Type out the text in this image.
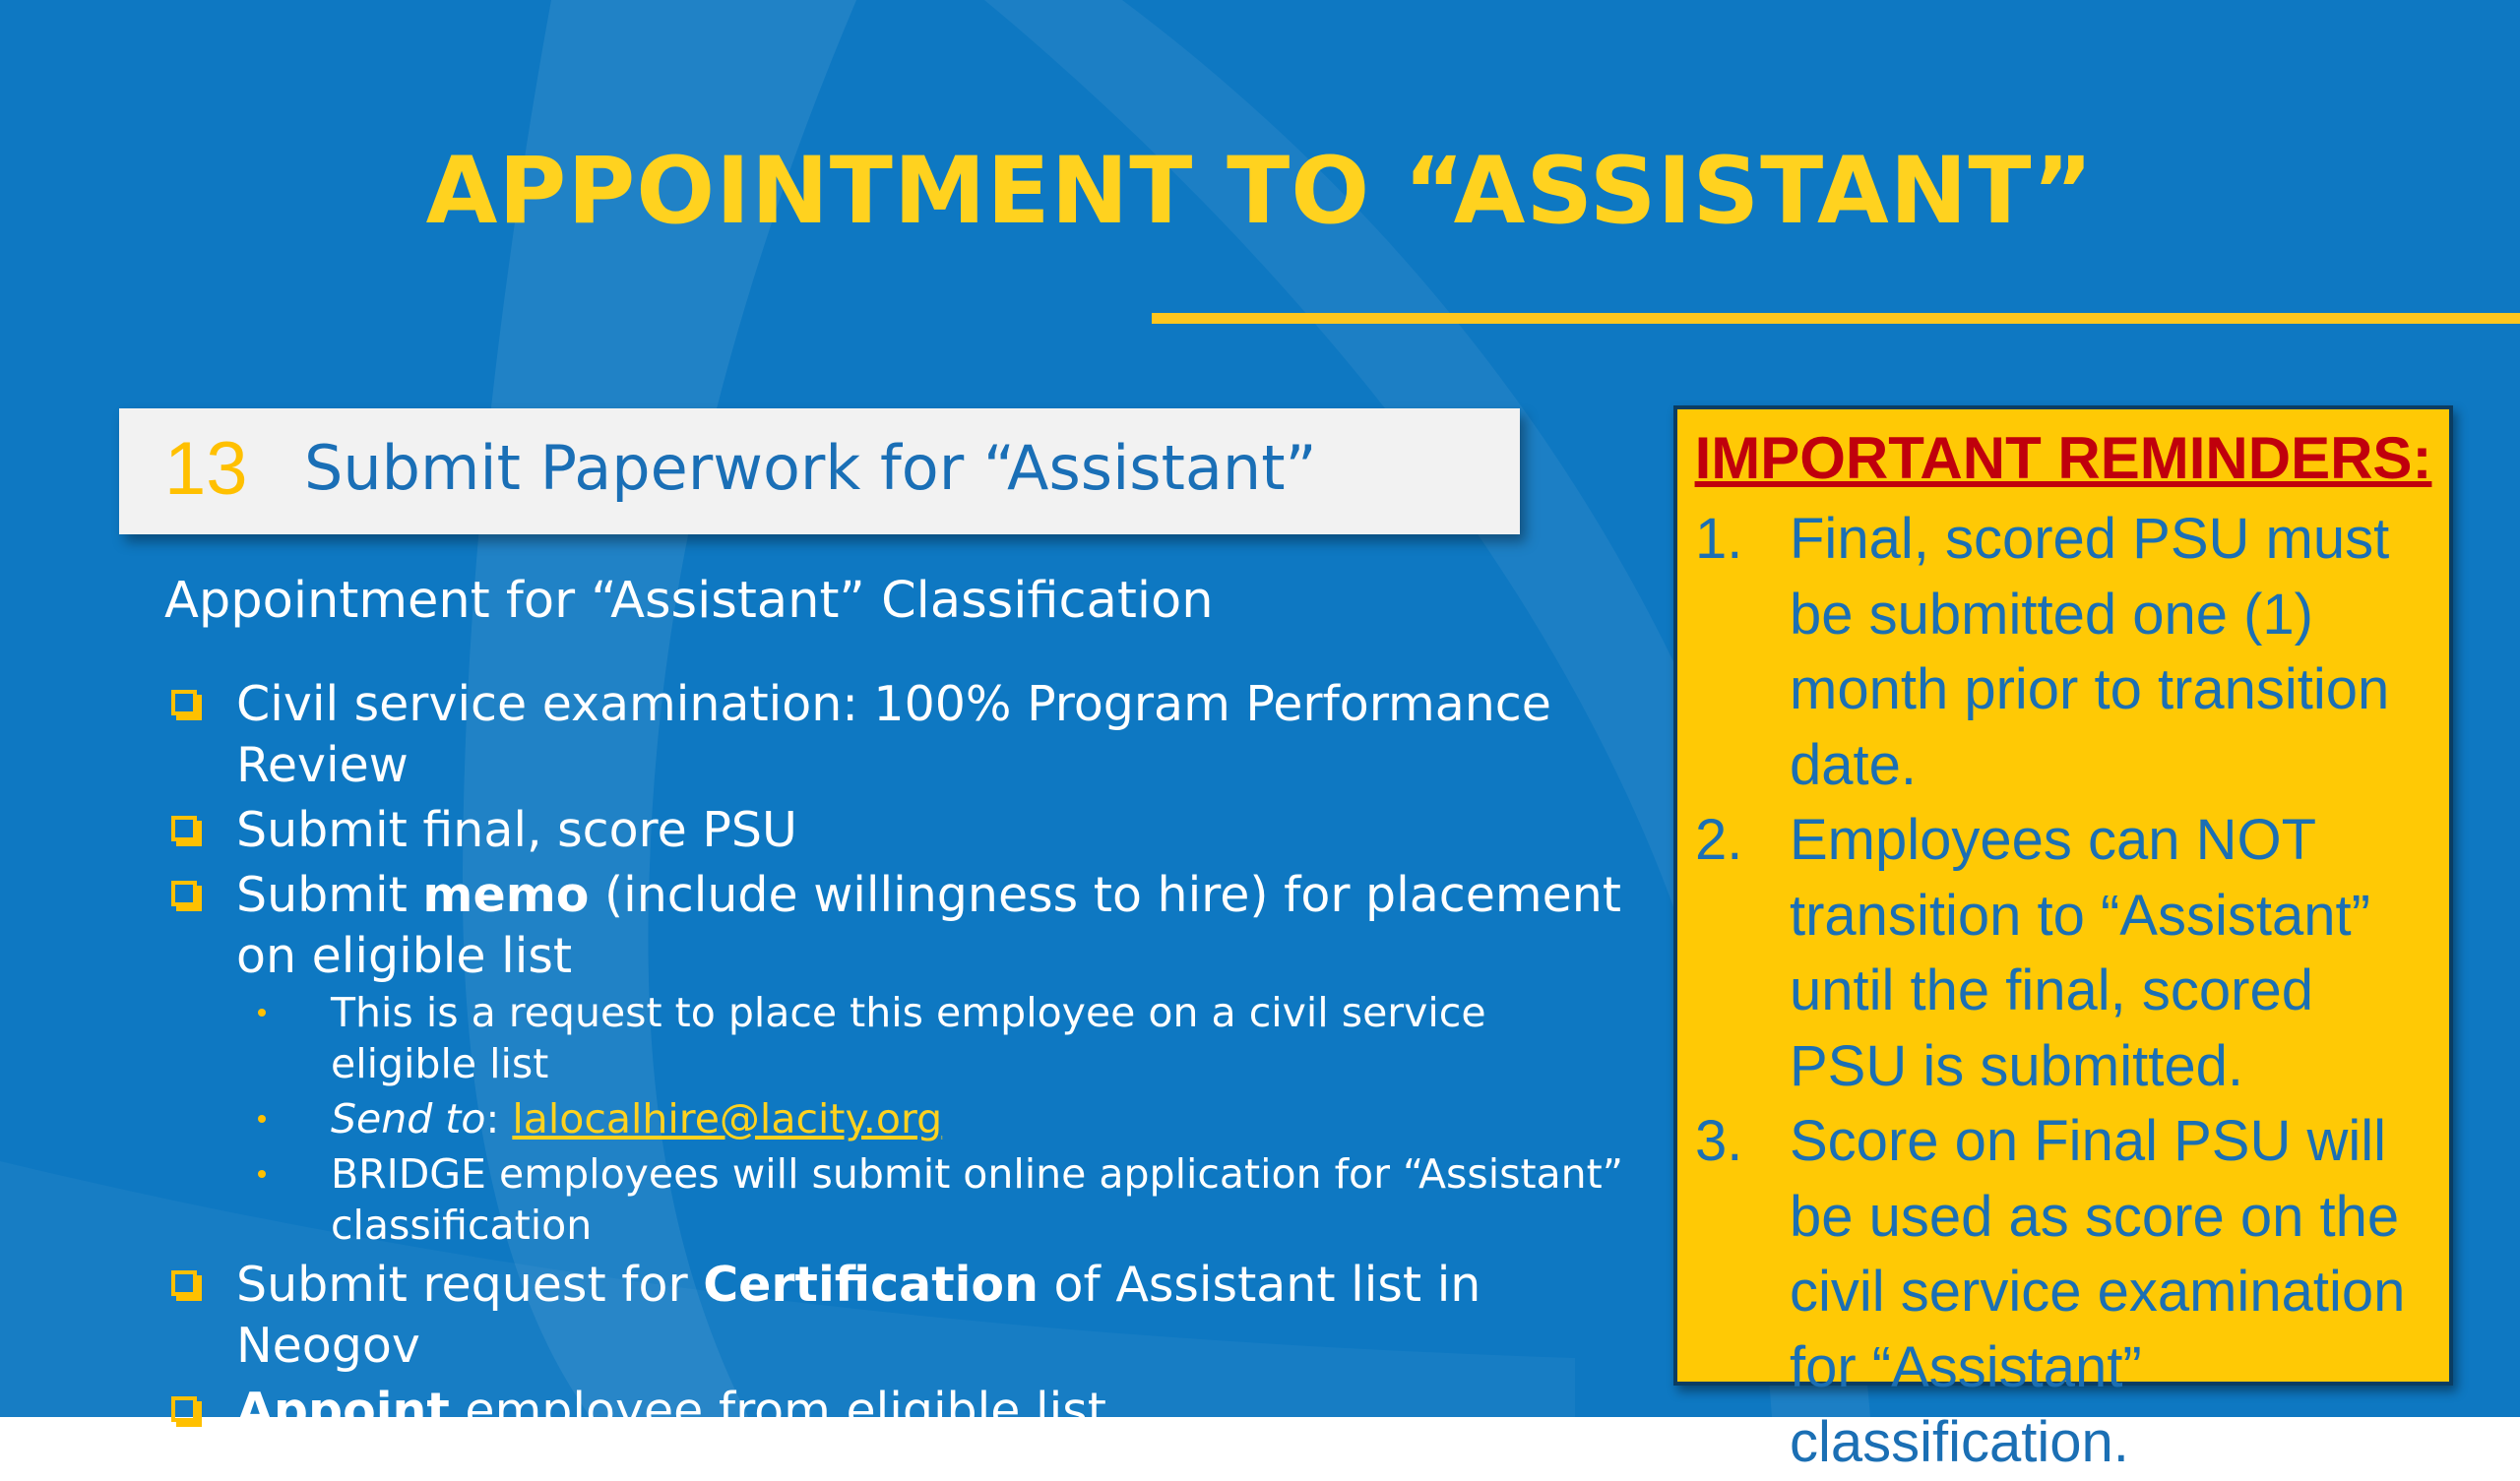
APPOINTMENT TO “ASSISTANT”
13 Submit Paperwork for “Assistant”
Appointment for “Assistant” Classification
Civil service examination: 100% Program Performance Review
Submit final, score PSU
Submit memo (include willingness to hire) for placement on eligible list
This is a request to place this employee on a civil service eligible list
Send to: lalocalhire@lacity.org
BRIDGE employees will submit online application for “Assistant” classification
Submit request for Certification of Assistant list in Neogov
Appoint employee from eligible list
IMPORTANT REMINDERS:
1. Final, scored PSU must be submitted one (1) month prior to transition date.
2. Employees can NOT transition to “Assistant” until the final, scored PSU is submitted.
3. Score on Final PSU will be used as score on the civil service examination for “Assistant” classification.
